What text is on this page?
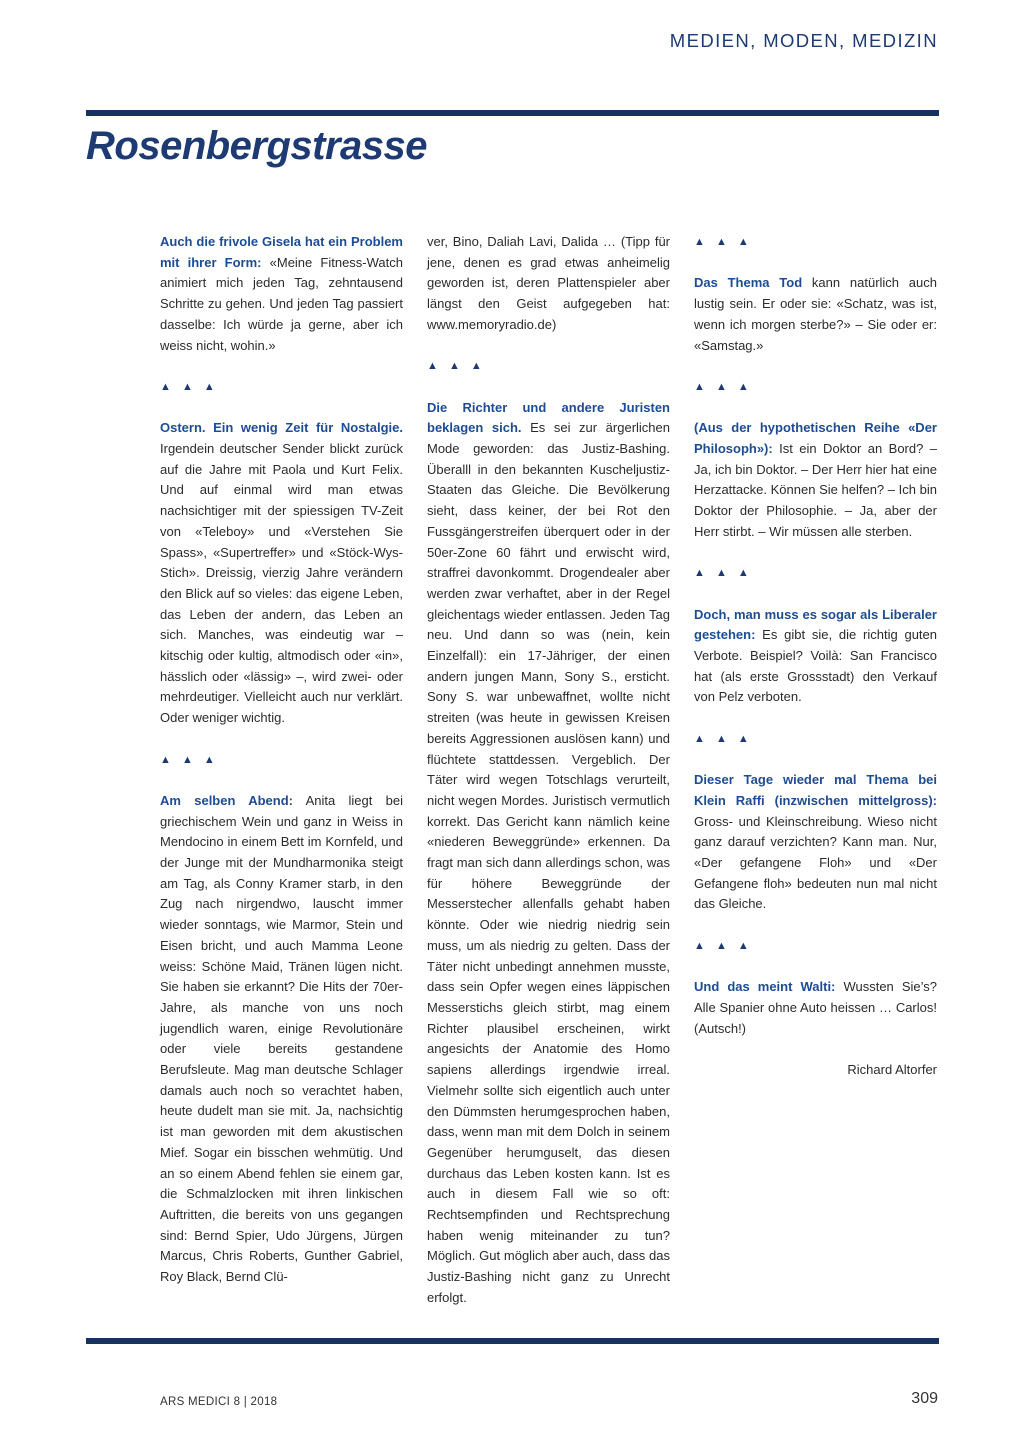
MEDIEN, MODEN, MEDIZIN
Rosenbergstrasse

Auch die frivole Gisela hat ein Problem mit ihrer Form: «Meine Fitness-Watch animiert mich jeden Tag, zehntausend Schritte zu gehen. Und jeden Tag passiert dasselbe: Ich würde ja gerne, aber ich weiss nicht, wohin.»

▲ ▲ ▲

Ostern. Ein wenig Zeit für Nostalgie. Irgendein deutscher Sender blickt zurück auf die Jahre mit Paola und Kurt Felix. Und auf einmal wird man etwas nachsichtiger mit der spiessigen TV-Zeit von «Teleboy» und «Verstehen Sie Spass», «Supertreffer» und «Stöck-Wys-Stich». Dreissig, vierzig Jahre verändern den Blick auf so vieles: das eigene Leben, das Leben der andern, das Leben an sich. Manches, was eindeutig war – kitschig oder kultig, altmodisch oder «in», hässlich oder «lässig» –, wird zwei- oder mehrdeutiger. Vielleicht auch nur verklärt. Oder weniger wichtig.

▲ ▲ ▲

Am selben Abend: Anita liegt bei griechischem Wein und ganz in Weiss in Mendocino in einem Bett im Kornfeld, und der Junge mit der Mundharmonika steigt am Tag, als Conny Kramer starb, in den Zug nach nirgendwo, lauscht immer wieder sonntags, wie Marmor, Stein und Eisen bricht, und auch Mamma Leone weiss: Schöne Maid, Tränen lügen nicht. Sie haben sie erkannt? Die Hits der 70er-Jahre, als manche von uns noch jugendlich waren, einige Revolutionäre oder viele bereits gestandene Berufsleute. Mag man deutsche Schlager damals auch noch so verachtet haben, heute dudelt man sie mit. Ja, nachsichtig ist man geworden mit dem akustischen Mief. Sogar ein bisschen wehmütig. Und an so einem Abend fehlen sie einem gar, die Schmalzlocken mit ihren linkischen Auftritten, die bereits von uns gegangen sind: Bernd Spier, Udo Jürgens, Jürgen Marcus, Chris Roberts, Gunther Gabriel, Roy Black, Bernd Clü-

ver, Bino, Daliah Lavi, Dalida … (Tipp für jene, denen es grad etwas anheimelig geworden ist, deren Plattenspieler aber längst den Geist aufgegeben hat: www.memoryradio.de)

▲ ▲ ▲

Die Richter und andere Juristen beklagen sich. Es sei zur ärgerlichen Mode geworden: das Justiz-Bashing. Überalll in den bekannten Kuscheljustiz-Staaten das Gleiche. Die Bevölkerung sieht, dass keiner, der bei Rot den Fussgängerstreifen überquert oder in der 50er-Zone 60 fährt und erwischt wird, straffrei davonkommt. Drogendealer aber werden zwar verhaftet, aber in der Regel gleichentags wieder entlassen. Jeden Tag neu. Und dann so was (nein, kein Einzelfall): ein 17-Jähriger, der einen andern jungen Mann, Sony S., ersticht. Sony S. war unbewaffnet, wollte nicht streiten (was heute in gewissen Kreisen bereits Aggressionen auslösen kann) und flüchtete stattdessen. Vergeblich. Der Täter wird wegen Totschlags verurteilt, nicht wegen Mordes. Juristisch vermutlich korrekt. Das Gericht kann nämlich keine «niederen Beweggründe» erkennen. Da fragt man sich dann allerdings schon, was für höhere Beweggründe der Messerstecher allenfalls gehabt haben könnte. Oder wie niedrig niedrig sein muss, um als niedrig zu gelten. Dass der Täter nicht unbedingt annehmen musste, dass sein Opfer wegen eines läppischen Messerstichs gleich stirbt, mag einem Richter plausibel erscheinen, wirkt angesichts der Anatomie des Homo sapiens allerdings irgendwie irreal. Vielmehr sollte sich eigentlich auch unter den Dümmsten herumgesprochen haben, dass, wenn man mit dem Dolch in seinem Gegenüber herumguselt, das diesen durchaus das Leben kosten kann. Ist es auch in diesem Fall wie so oft: Rechtsempfinden und Rechtsprechung haben wenig miteinander zu tun? Möglich. Gut möglich aber auch, dass das Justiz-Bashing nicht ganz zu Unrecht erfolgt.

▲ ▲ ▲

Das Thema Tod kann natürlich auch lustig sein. Er oder sie: «Schatz, was ist, wenn ich morgen sterbe?» – Sie oder er: «Samstag.»

▲ ▲ ▲

(Aus der hypothetischen Reihe «Der Philosoph»): Ist ein Doktor an Bord? – Ja, ich bin Doktor. – Der Herr hier hat eine Herzattacke. Können Sie helfen? – Ich bin Doktor der Philosophie. – Ja, aber der Herr stirbt. – Wir müssen alle sterben.

▲ ▲ ▲

Doch, man muss es sogar als Liberaler gestehen: Es gibt sie, die richtig guten Verbote. Beispiel? Voilà: San Francisco hat (als erste Grossstadt) den Verkauf von Pelz verboten.

▲ ▲ ▲

Dieser Tage wieder mal Thema bei Klein Raffi (inzwischen mittelgross): Gross- und Kleinschreibung. Wieso nicht ganz darauf verzichten? Kann man. Nur, «Der gefangene Floh» und «Der Gefangene floh» bedeuten nun mal nicht das Gleiche.

▲ ▲ ▲

Und das meint Walti: Wussten Sie’s? Alle Spanier ohne Auto heissen … Carlos! (Autsch!)

Richard Altorfer
ARS MEDICI 8 | 2018	309
